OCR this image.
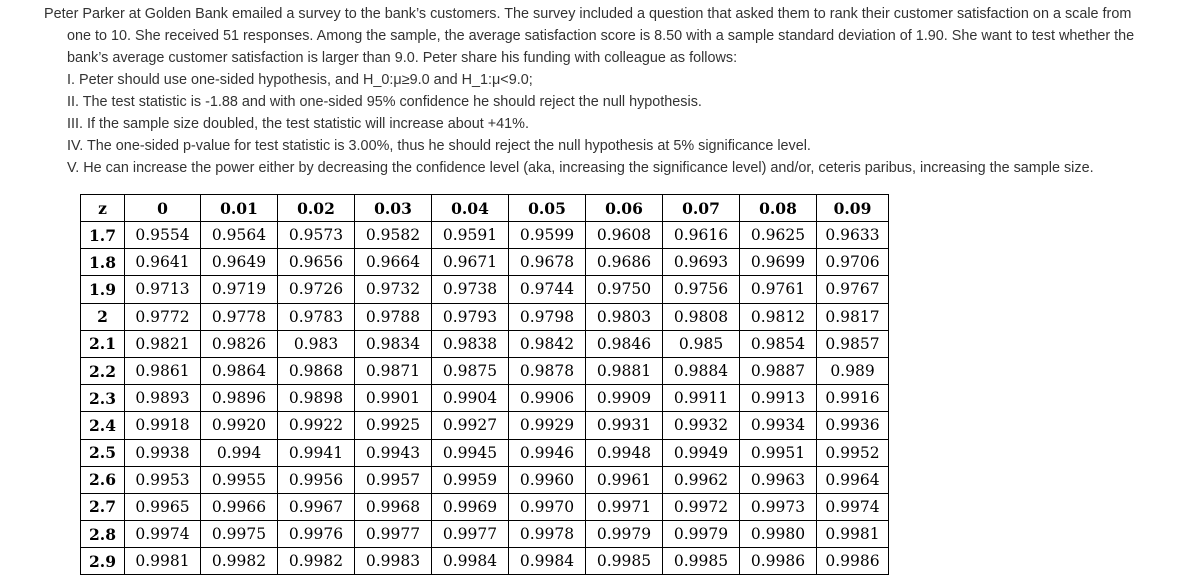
Peter Parker at Golden Bank emailed a survey to the bank’s customers. The survey included a question that asked them to rank their customer satisfaction on a scale from

one to 10. She received 51 responses. Among the sample, the average satisfaction score is 8.50 with a sample standard deviation of 1.90. She want to test whether the

bank’s average customer satisfaction is larger than 9.0. Peter share his funding with colleague as follows:

I. Peter should use one-sided hypothesis, and H_0:μ≥9.0 and H_1:μ<9.0;

II. The test statistic is -1.88 and with one-sided 95% confidence he should reject the null hypothesis.

III. If the sample size doubled, the test statistic will increase about +41%.

IV. The one-sided p-value for test statistic is 3.00%, thus he should reject the null hypothesis at 5% significance level.

V. He can increase the power either by decreasing the confidence level (aka, increasing the significance level) and/or, ceteris paribus, increasing the sample size.

z	0	0.01	0.02	0.03	0.04	0.05	0.06	0.07	0.08	0.09
1.7	0.9554	0.9564	0.9573	0.9582	0.9591	0.9599	0.9608	0.9616	0.9625	0.9633
1.8	0.9641	0.9649	0.9656	0.9664	0.9671	0.9678	0.9686	0.9693	0.9699	0.9706
1.9	0.9713	0.9719	0.9726	0.9732	0.9738	0.9744	0.9750	0.9756	0.9761	0.9767
2	0.9772	0.9778	0.9783	0.9788	0.9793	0.9798	0.9803	0.9808	0.9812	0.9817
2.1	0.9821	0.9826	0.983	0.9834	0.9838	0.9842	0.9846	0.985	0.9854	0.9857
2.2	0.9861	0.9864	0.9868	0.9871	0.9875	0.9878	0.9881	0.9884	0.9887	0.989
2.3	0.9893	0.9896	0.9898	0.9901	0.9904	0.9906	0.9909	0.9911	0.9913	0.9916
2.4	0.9918	0.9920	0.9922	0.9925	0.9927	0.9929	0.9931	0.9932	0.9934	0.9936
2.5	0.9938	0.994	0.9941	0.9943	0.9945	0.9946	0.9948	0.9949	0.9951	0.9952
2.6	0.9953	0.9955	0.9956	0.9957	0.9959	0.9960	0.9961	0.9962	0.9963	0.9964
2.7	0.9965	0.9966	0.9967	0.9968	0.9969	0.9970	0.9971	0.9972	0.9973	0.9974
2.8	0.9974	0.9975	0.9976	0.9977	0.9977	0.9978	0.9979	0.9979	0.9980	0.9981
2.9	0.9981	0.9982	0.9982	0.9983	0.9984	0.9984	0.9985	0.9985	0.9986	0.9986
